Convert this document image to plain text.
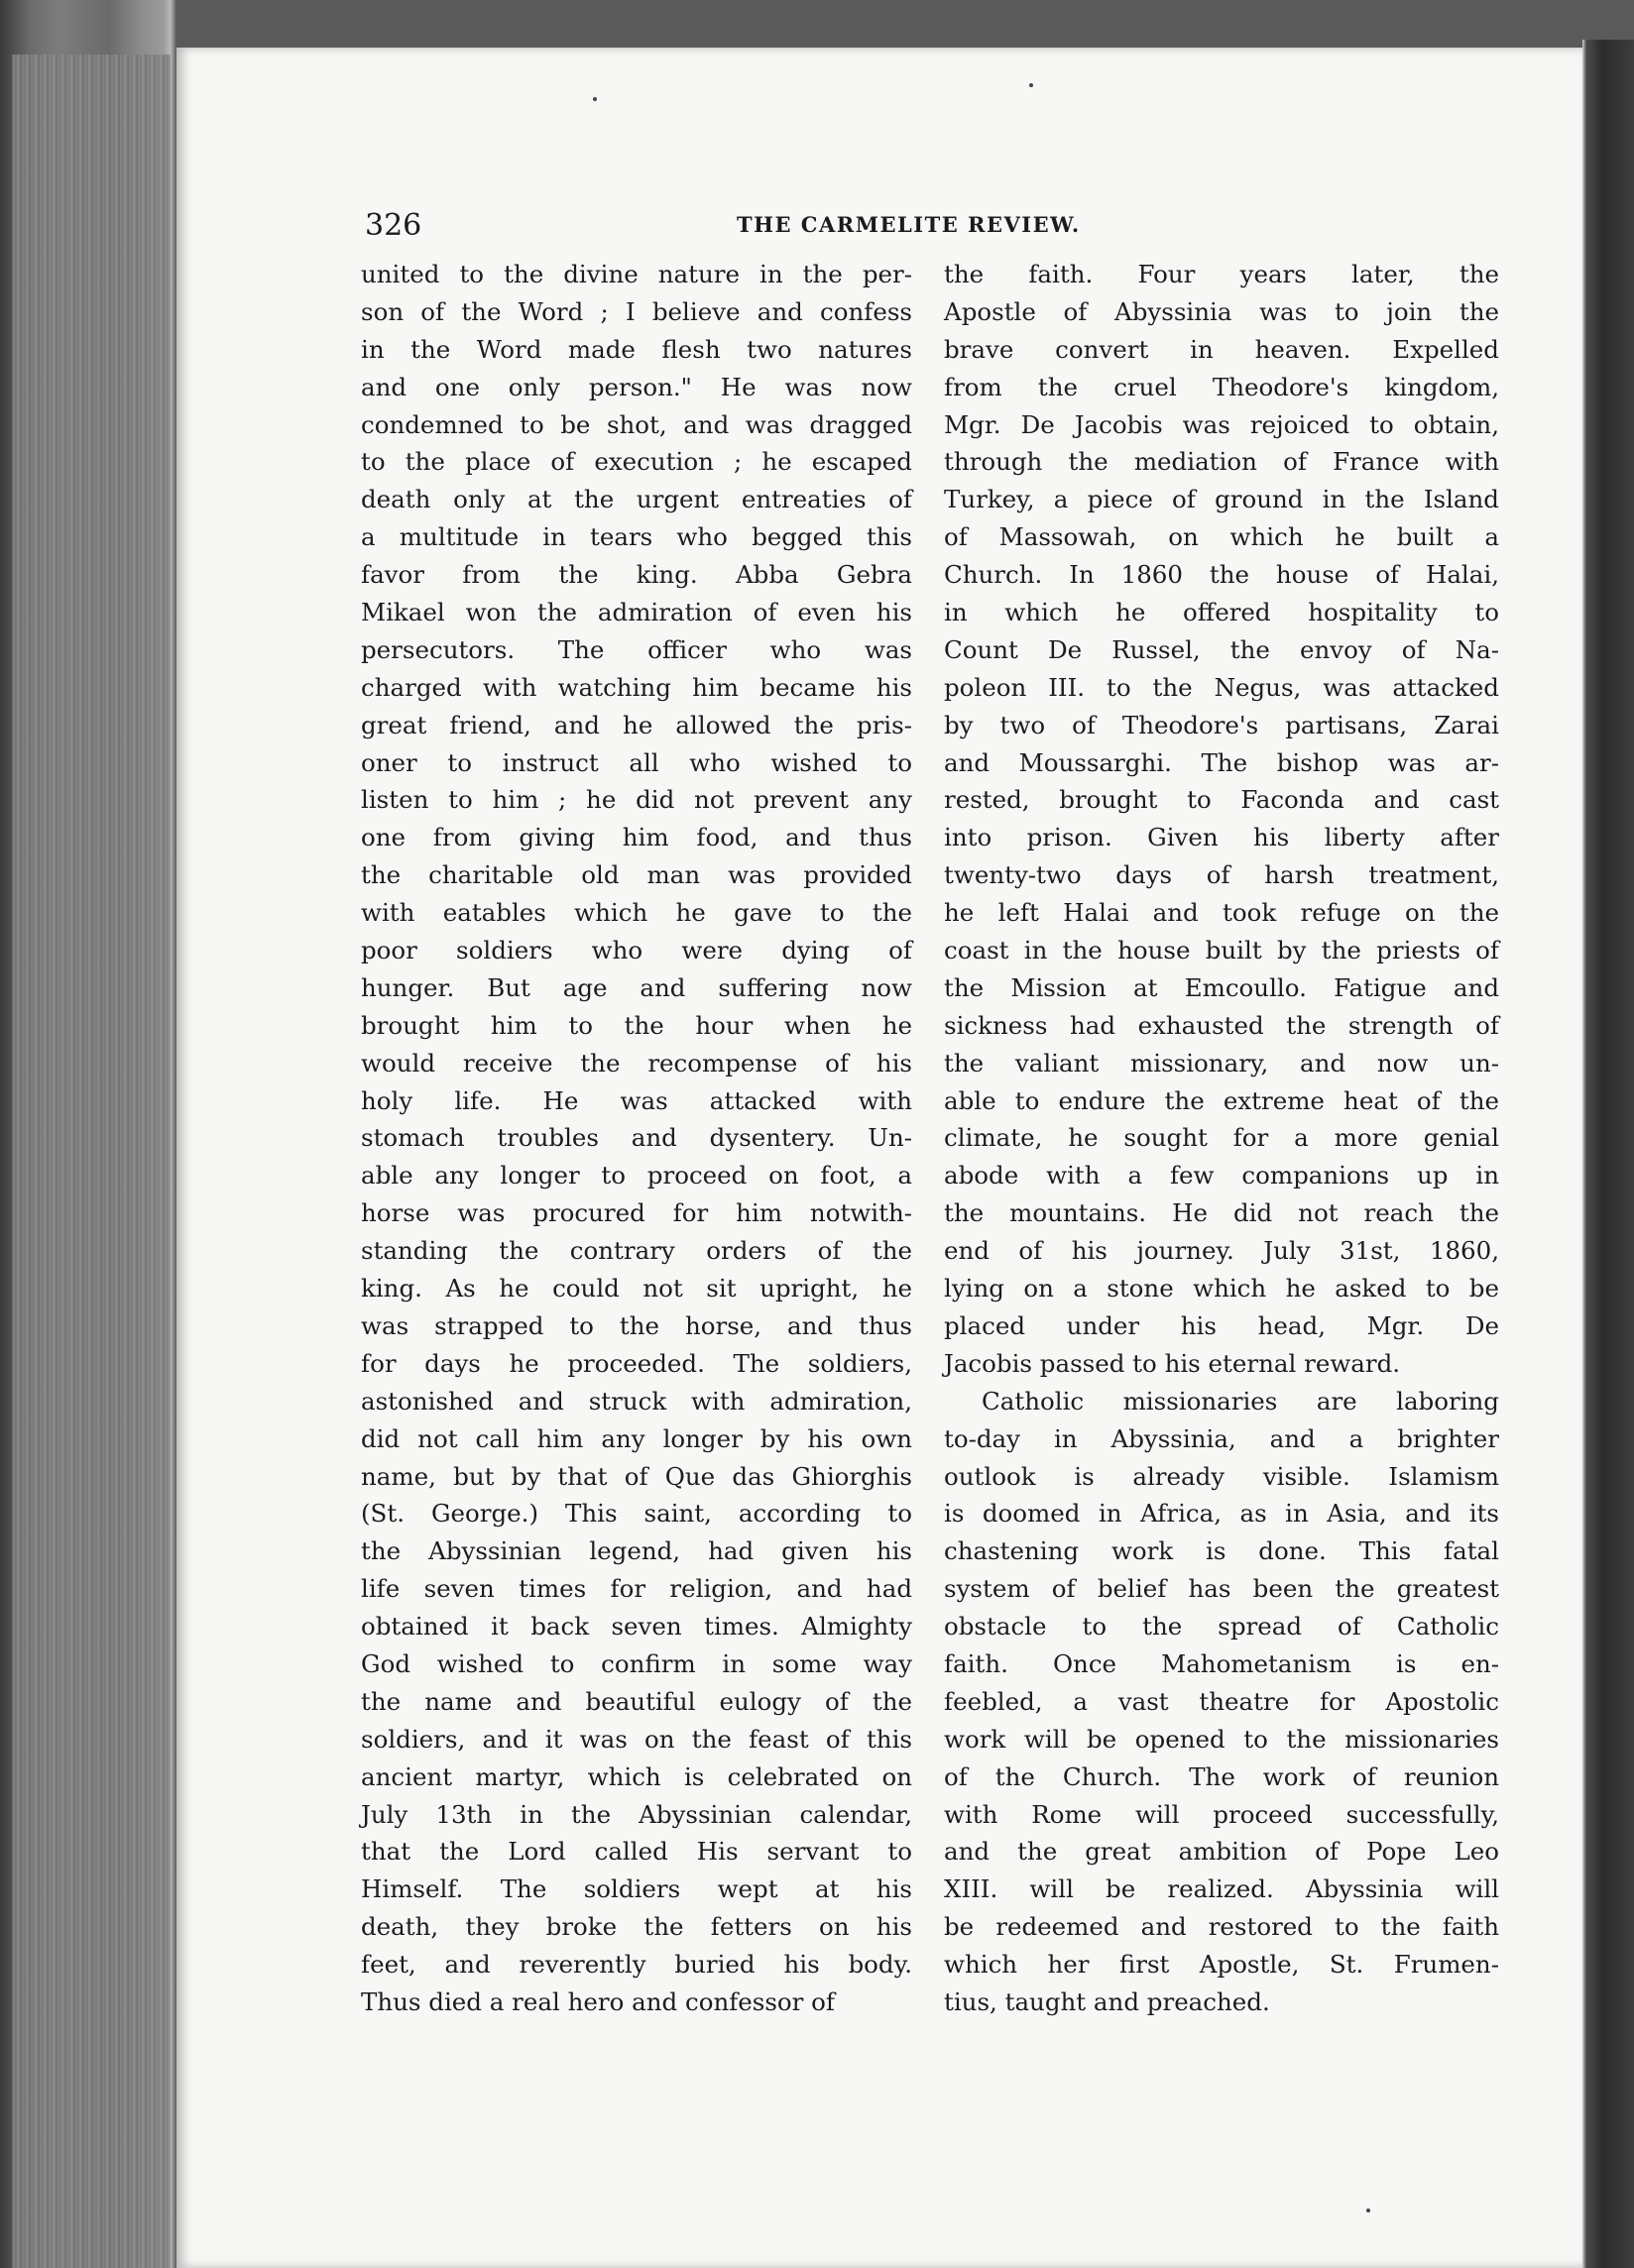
326	THE CARMELITE REVIEW.
united to the divine nature in the per-
son of the Word ; I believe and confess
in the Word made flesh two natures
and one only person." He was now
condemned to be shot, and was dragged
to the place of execution ; he escaped
death only at the urgent entreaties of
a multitude in tears who begged this
favor from the king. Abba Gebra
Mikael won the admiration of even his
persecutors. The officer who was
charged with watching him became his
great friend, and he allowed the pris-
oner to instruct all who wished to
listen to him ; he did not prevent any
one from giving him food, and thus
the charitable old man was provided
with eatables which he gave to the
poor soldiers who were dying of
hunger. But age and suffering now
brought him to the hour when he
would receive the recompense of his
holy life. He was attacked with
stomach troubles and dysentery. Un-
able any longer to proceed on foot, a
horse was procured for him notwith-
standing the contrary orders of the
king. As he could not sit upright, he
was strapped to the horse, and thus
for days he proceeded. The soldiers,
astonished and struck with admiration,
did not call him any longer by his own
name, but by that of Que das Ghiorghis
(St. George.) This saint, according to
the Abyssinian legend, had given his
life seven times for religion, and had
obtained it back seven times. Almighty
God wished to confirm in some way
the name and beautiful eulogy of the
soldiers, and it was on the feast of this
ancient martyr, which is celebrated on
July 13th in the Abyssinian calendar,
that the Lord called His servant to
Himself. The soldiers wept at his
death, they broke the fetters on his
feet, and reverently buried his body.
Thus died a real hero and confessor of
the faith. Four years later, the
Apostle of Abyssinia was to join the
brave convert in heaven. Expelled
from the cruel Theodore's kingdom,
Mgr. De Jacobis was rejoiced to obtain,
through the mediation of France with
Turkey, a piece of ground in the Island
of Massowah, on which he built a
Church. In 1860 the house of Halai,
in which he offered hospitality to
Count De Russel, the envoy of Na-
poleon III. to the Negus, was attacked
by two of Theodore's partisans, Zarai
and Moussarghi. The bishop was ar-
rested, brought to Faconda and cast
into prison. Given his liberty after
twenty-two days of harsh treatment,
he left Halai and took refuge on the
coast in the house built by the priests of
the Mission at Emcoullo. Fatigue and
sickness had exhausted the strength of
the valiant missionary, and now un-
able to endure the extreme heat of the
climate, he sought for a more genial
abode with a few companions up in
the mountains. He did not reach the
end of his journey. July 31st, 1860,
lying on a stone which he asked to be
placed under his head, Mgr. De
Jacobis passed to his eternal reward.
Catholic missionaries are laboring
to-day in Abyssinia, and a brighter
outlook is already visible. Islamism
is doomed in Africa, as in Asia, and its
chastening work is done. This fatal
system of belief has been the greatest
obstacle to the spread of Catholic
faith. Once Mahometanism is en-
feebled, a vast theatre for Apostolic
work will be opened to the missionaries
of the Church. The work of reunion
with Rome will proceed successfully,
and the great ambition of Pope Leo
XIII. will be realized. Abyssinia will
be redeemed and restored to the faith
which her first Apostle, St. Frumen-
tius, taught and preached.
